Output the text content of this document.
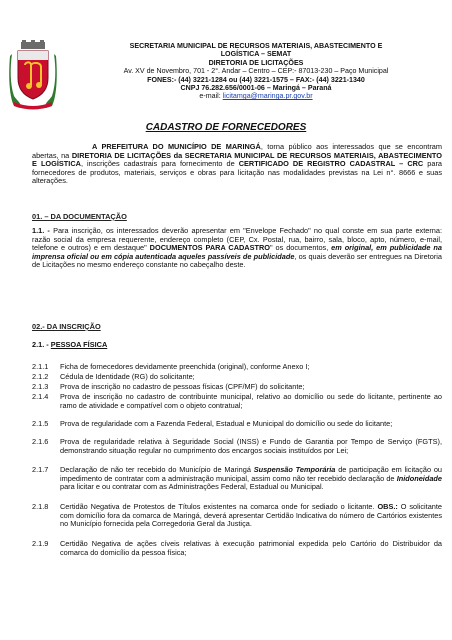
SECRETARIA MUNICIPAL DE RECURSOS MATERIAIS, ABASTECIMENTO E
LOGÍSTICA – SEMAT
DIRETORIA DE LICITAÇÕES
Av. XV de Novembro, 701 - 2°. Andar – Centro – CEP:- 87013-230 – Paço Municipal
FONES:- (44) 3221-1284 ou (44) 3221-1575 – FAX:- (44) 3221-1340
CNPJ 76.282.656/0001-06 – Maringá – Paraná
e-mail: licitamga@maringa.pr.gov.br
CADASTRO DE FORNECEDORES

A PREFEITURA DO MUNICÍPIO DE MARINGÁ, torna público aos interessados que se encontram abertas, na DIRETORIA DE LICITAÇÕES da SECRETARIA MUNICIPAL DE RECURSOS MATERIAIS, ABASTECIMENTO E LOGÍSTICA, inscrições cadastrais para fornecimento de CERTIFICADO DE REGISTRO CADASTRAL – CRC para fornecedores de produtos, materiais, serviços e obras para licitação nas modalidades previstas na Lei n°. 8666 e suas alterações.

01. – DA DOCUMENTAÇÃO

1.1. - Para inscrição, os interessados deverão apresentar em "Envelope Fechado" no qual conste em sua parte externa: razão social da empresa requerente, endereço completo (CEP, Cx. Postal, rua, bairro, sala, bloco, apto, número, e-mail, telefone e outros) e em destaque" DOCUMENTOS PARA CADASTRO" os documentos, em original, em publicidade na imprensa oficial ou em cópia autenticada aqueles passíveis de publicidade, os quais deverão ser entregues na Diretoria de Licitações no mesmo endereço constante no cabeçalho deste.

02.- DA INSCRIÇÃO
2.1. - PESSOA FÍSICA
2.1.1 Ficha de fornecedores devidamente preenchida (original), conforme Anexo I;
2.1.2 Cédula de Identidade (RG) do solicitante;
2.1.3 Prova de inscrição no cadastro de pessoas físicas (CPF/MF) do solicitante;
2.1.4 Prova de inscrição no cadastro de contribuinte municipal, relativo ao domicílio ou sede do licitante, pertinente ao ramo de atividade e compatível com o objeto contratual;
2.1.5 Prova de regularidade com a Fazenda Federal, Estadual e Municipal do domicílio ou sede do licitante;
2.1.6 Prova de regularidade relativa à Seguridade Social (INSS) e Fundo de Garantia por Tempo de Serviço (FGTS), demonstrando situação regular no cumprimento dos encargos sociais instituídos por Lei;
2.1.7 Declaração de não ter recebido do Município de Maringá Suspensão Temporária de participação em licitação ou impedimento de contratar com a administração municipal, assim como não ter recebido declaração de Inidoneidade para licitar e ou contratar com as Administrações Federal, Estadual ou Municipal.
2.1.8 Certidão Negativa de Protestos de Títulos existentes na comarca onde for sediado o licitante. OBS.: O solicitante com domicílio fora da comarca de Maringá, deverá apresentar Certidão Indicativa do número de Cartórios existentes no Município fornecida pela Corregedoria Geral da Justiça.
2.1.9 Certidão Negativa de ações cíveis relativas à execução patrimonial expedida pelo Cartório do Distribuidor da comarca do domicílio da pessoa física;
